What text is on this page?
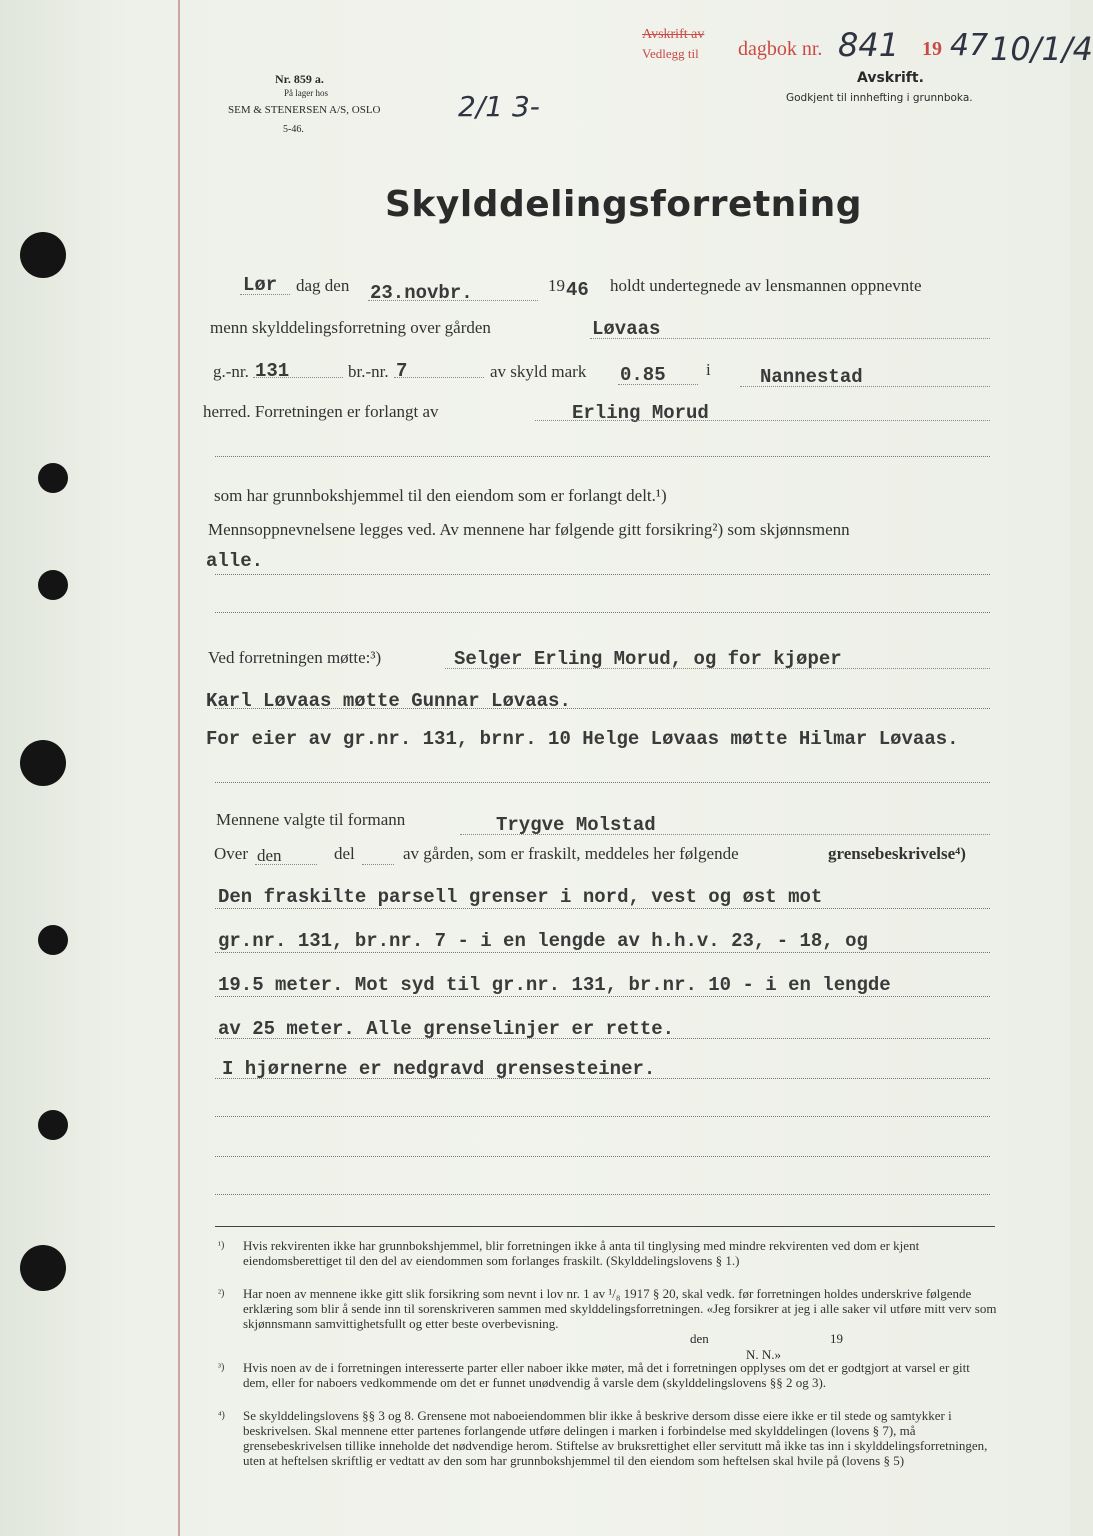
Nr. 859 a.
På lager hos
SEM & STENERSEN A/S, OSLO
5-46.
2/1 3-
Avskrift av
Vedlegg til dagbok nr. 841 19 47 10/1/4
Avskrift.
Godkjent til innhefting i grunnboka.
Skylddelingsforretning
Lør dag den 23.novbr.	19 46 holdt undertegnede av lensmannen oppnevnte
menn skylddelingsforretning over gården	Løvaas
g.-nr. 131	br.-nr. 7	av skyld mark 0.85 i	Nannestad
herred. Forretningen er forlangt av	Erling Morud
som har grunnbokshjemmel til den eiendom som er forlangt delt.¹)
Mennsoppnevnelsene legges ved. Av mennene har følgende gitt forsikring²) som skjønnsmenn
alle.
Ved forretningen møtte:³)	Selger Erling Morud, og for kjøper
Karl Løvaas møtte Gunnar Løvaas.
For eier av gr.nr. 131, brnr. 10 Helge Løvaas møtte Hilmar Løvaas.
Mennene valgte til formann	Trygve Molstad
Over den	del	av gården, som er fraskilt, meddeles her følgende	grensebeskrivelse⁴)
Den fraskilte parsell grenser i nord, vest og øst mot
gr.nr. 131, br.nr. 7 - i en lengde av h.h.v. 23, - 18, og
19.5 meter. Mot syd til gr.nr. 131, br.nr. 10 - i en lengde
av 25 meter. Alle grenselinjer er rette.
I hjørnerne er nedgravd grensesteiner.
¹) Hvis rekvirenten ikke har grunnbokshjemmel, blir forretningen ikke å anta til tinglysing med mindre rekvirenten ved dom er kjent eiendomsberettiget til den del av eiendommen som forlanges fraskilt. (Skylddelingslovens § 1.)
²) Har noen av mennene ikke gitt slik forsikring som nevnt i lov nr. 1 av ¹/₈ 1917 § 20, skal vedk. før forretningen holdes underskrive følgende erklæring som blir å sende inn til sorenskriveren sammen med skylddelingsforretningen. «Jeg forsikrer at jeg i alle saker vil utføre mitt verv som skjønnsmann samvittighetsfullt og etter beste overbevisning.
den	19
N. N.»
³) Hvis noen av de i forretningen interesserte parter eller naboer ikke møter, må det i forretningen opplyses om det er godtgjort at varsel er gitt dem, eller for naboers vedkommende om det er funnet unødvendig å varsle dem (skylddelingslovens §§ 2 og 3).
⁴) Se skylddelingslovens §§ 3 og 8. Grensene mot naboeiendommen blir ikke å beskrive dersom disse eiere ikke er til stede og samtykker i beskrivelsen. Skal mennene etter partenes forlangende utføre delingen i marken i forbindelse med skylddelingen (lovens § 7), må grensebeskrivelsen tillike inneholde det nødvendige herom. Stiftelse av bruksrettighet eller servitutt må ikke tas inn i skylddelingsforretningen, uten at heftelsen skriftlig er vedtatt av den som har grunnbokshjemmel til den eiendom som heftelsen skal hvile på (lovens § 5)
